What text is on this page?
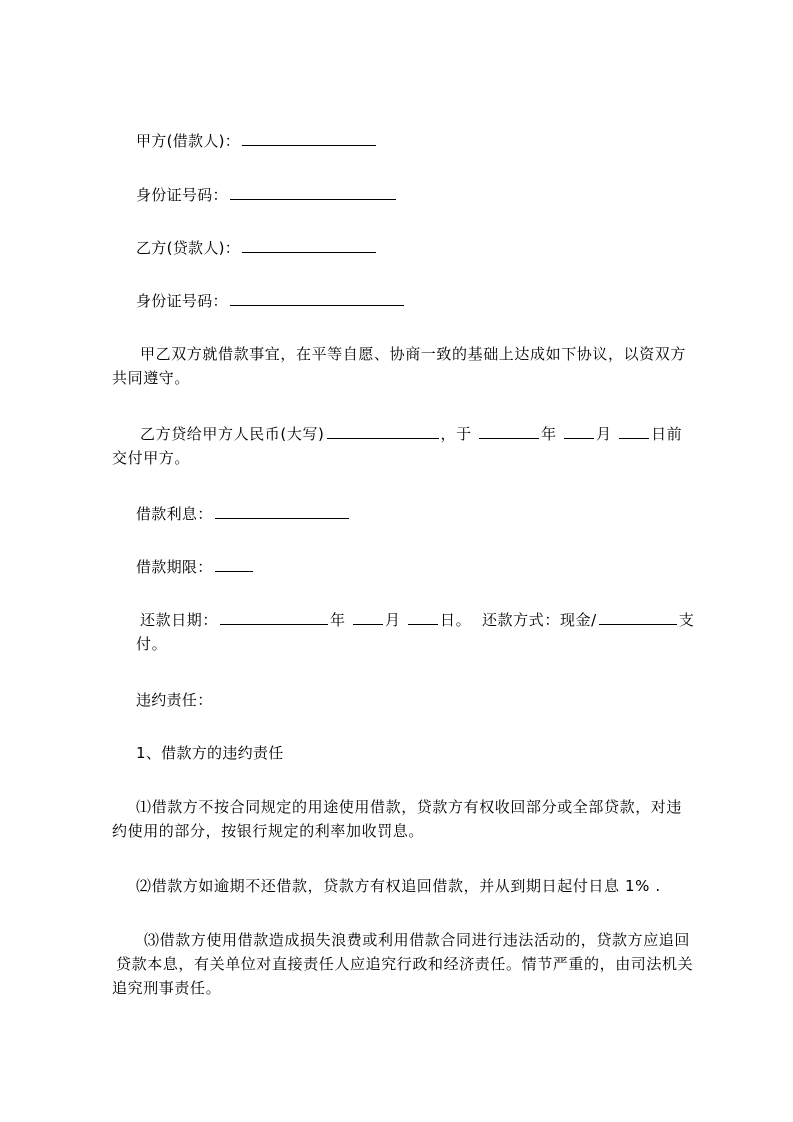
甲方(借款人)：
身份证号码：
乙方(贷款人)：
身份证号码：
甲乙双方就借款事宜，在平等自愿、协商一致的基础上达成如下协议，以资双方
共同遵守。
乙方贷给甲方人民币(大写)	，于	年	月	日前
交付甲方。
借款利息：
借款期限：
还款日期：	年	月	日。 还款方式：现金/	支
付。
违约责任：
1、借款方的违约责任
⑴借款方不按合同规定的用途使用借款，贷款方有权收回部分或全部贷款，对违
约使用的部分，按银行规定的利率加收罚息。
⑵借款方如逾期不还借款，贷款方有权追回借款，并从到期日起付日息 1% .
⑶借款方使用借款造成损失浪费或利用借款合同进行违法活动的，贷款方应追回
贷款本息，有关单位对直接责任人应追究行政和经济责任。情节严重的，由司法机关
追究刑事责任。
